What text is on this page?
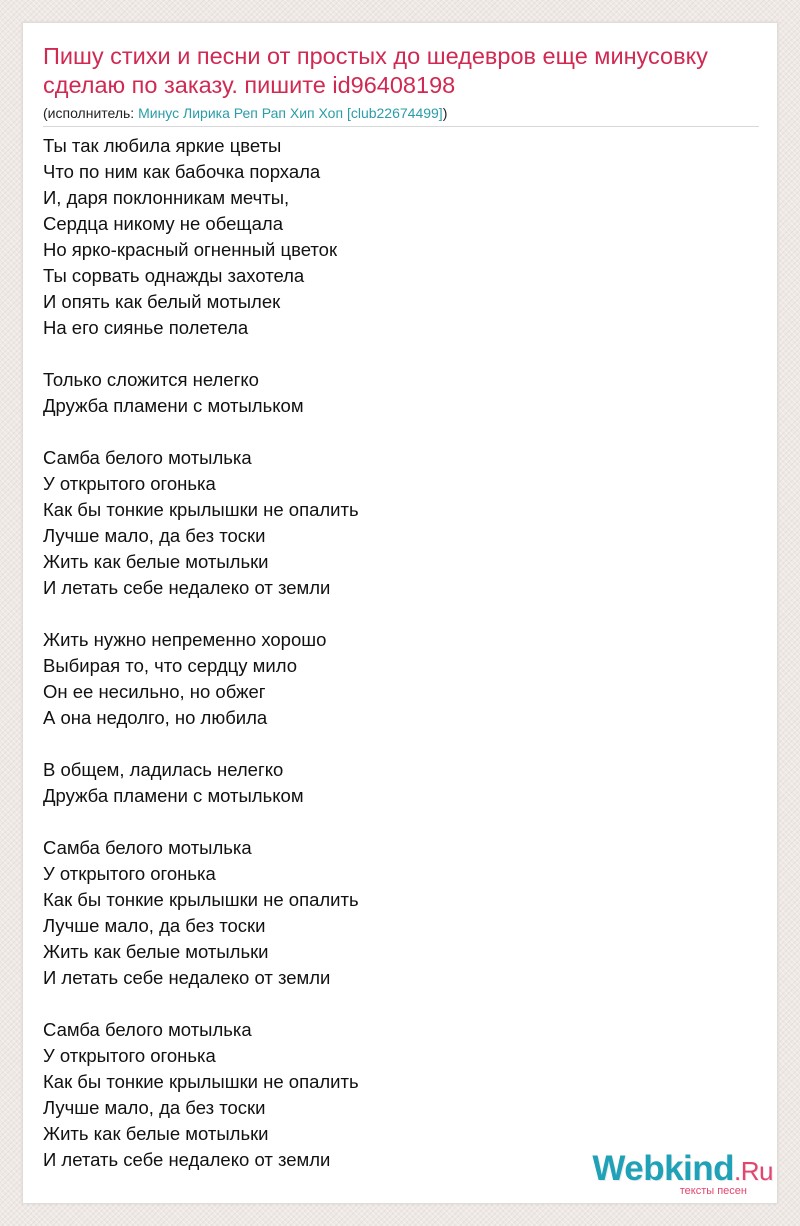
Пишу стихи и песни от простых до шедевров еще минусовку сделаю по заказу. пишите id96408198
(исполнитель: Минус Лирика Реп Рап Хип Хоп [club22674499])
Ты так любила яркие цветы
Что по ним как бабочка порхала
И, даря поклонникам мечты,
Сердца никому не обещала
Но ярко-красный огненный цветок
Ты сорвать однажды захотела
И опять как белый мотылек
На его сиянье полетела
Только сложится нелегко
Дружба пламени с мотыльком
Самба белого мотылька
У открытого огонька
Как бы тонкие крылышки не опалить
Лучше мало, да без тоски
Жить как белые мотыльки
И летать себе недалеко от земли
Жить нужно непременно хорошо
Выбирая то, что сердцу мило
Он ее несильно, но обжег
А она недолго, но любила
В общем, ладилась нелегко
Дружба пламени с мотыльком
Самба белого мотылька
У открытого огонька
Как бы тонкие крылышки не опалить
Лучше мало, да без тоски
Жить как белые мотыльки
И летать себе недалеко от земли
Самба белого мотылька
У открытого огонька
Как бы тонкие крылышки не опалить
Лучше мало, да без тоски
Жить как белые мотыльки
И летать себе недалеко от земли	Webkind.Ru
тексты песен
